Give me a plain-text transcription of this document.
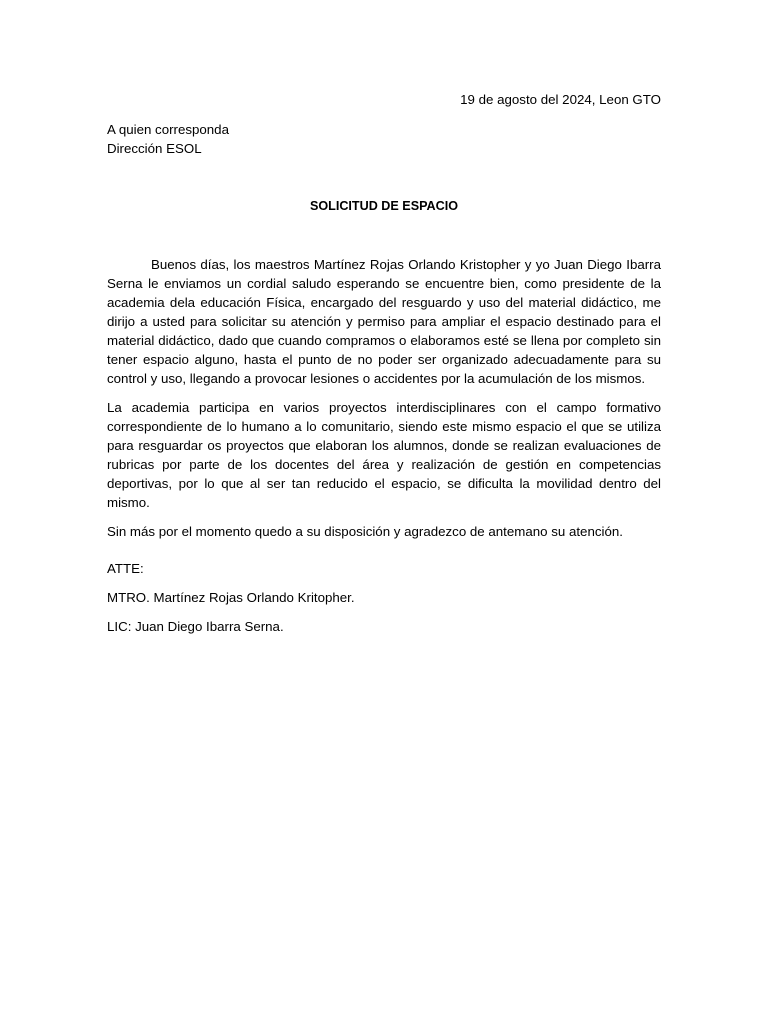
19 de agosto del 2024, Leon GTO
A quien corresponda
Dirección ESOL
SOLICITUD DE ESPACIO

Buenos días, los maestros Martínez Rojas Orlando Kristopher y yo Juan Diego Ibarra Serna le enviamos un cordial saludo esperando se encuentre bien, como presidente de la academia dela educación Física, encargado del resguardo y uso del material didáctico, me dirijo a usted para solicitar su atención y permiso para ampliar el espacio destinado para el material didáctico, dado que cuando compramos o elaboramos esté se llena por completo sin tener espacio alguno, hasta el punto de no poder ser organizado adecuadamente para su control y uso, llegando a provocar lesiones o accidentes por la acumulación de los mismos.

La academia participa en varios proyectos interdisciplinares con el campo formativo correspondiente de lo humano a lo comunitario, siendo este mismo espacio el que se utiliza para resguardar os proyectos que elaboran los alumnos, donde se realizan evaluaciones de rubricas por parte de los docentes del área y realización de gestión en competencias deportivas, por lo que al ser tan reducido el espacio, se dificulta la movilidad dentro del mismo.

Sin más por el momento quedo a su disposición y agradezco de antemano su atención.

ATTE:
MTRO. Martínez Rojas Orlando Kritopher.
LIC: Juan Diego Ibarra Serna.
